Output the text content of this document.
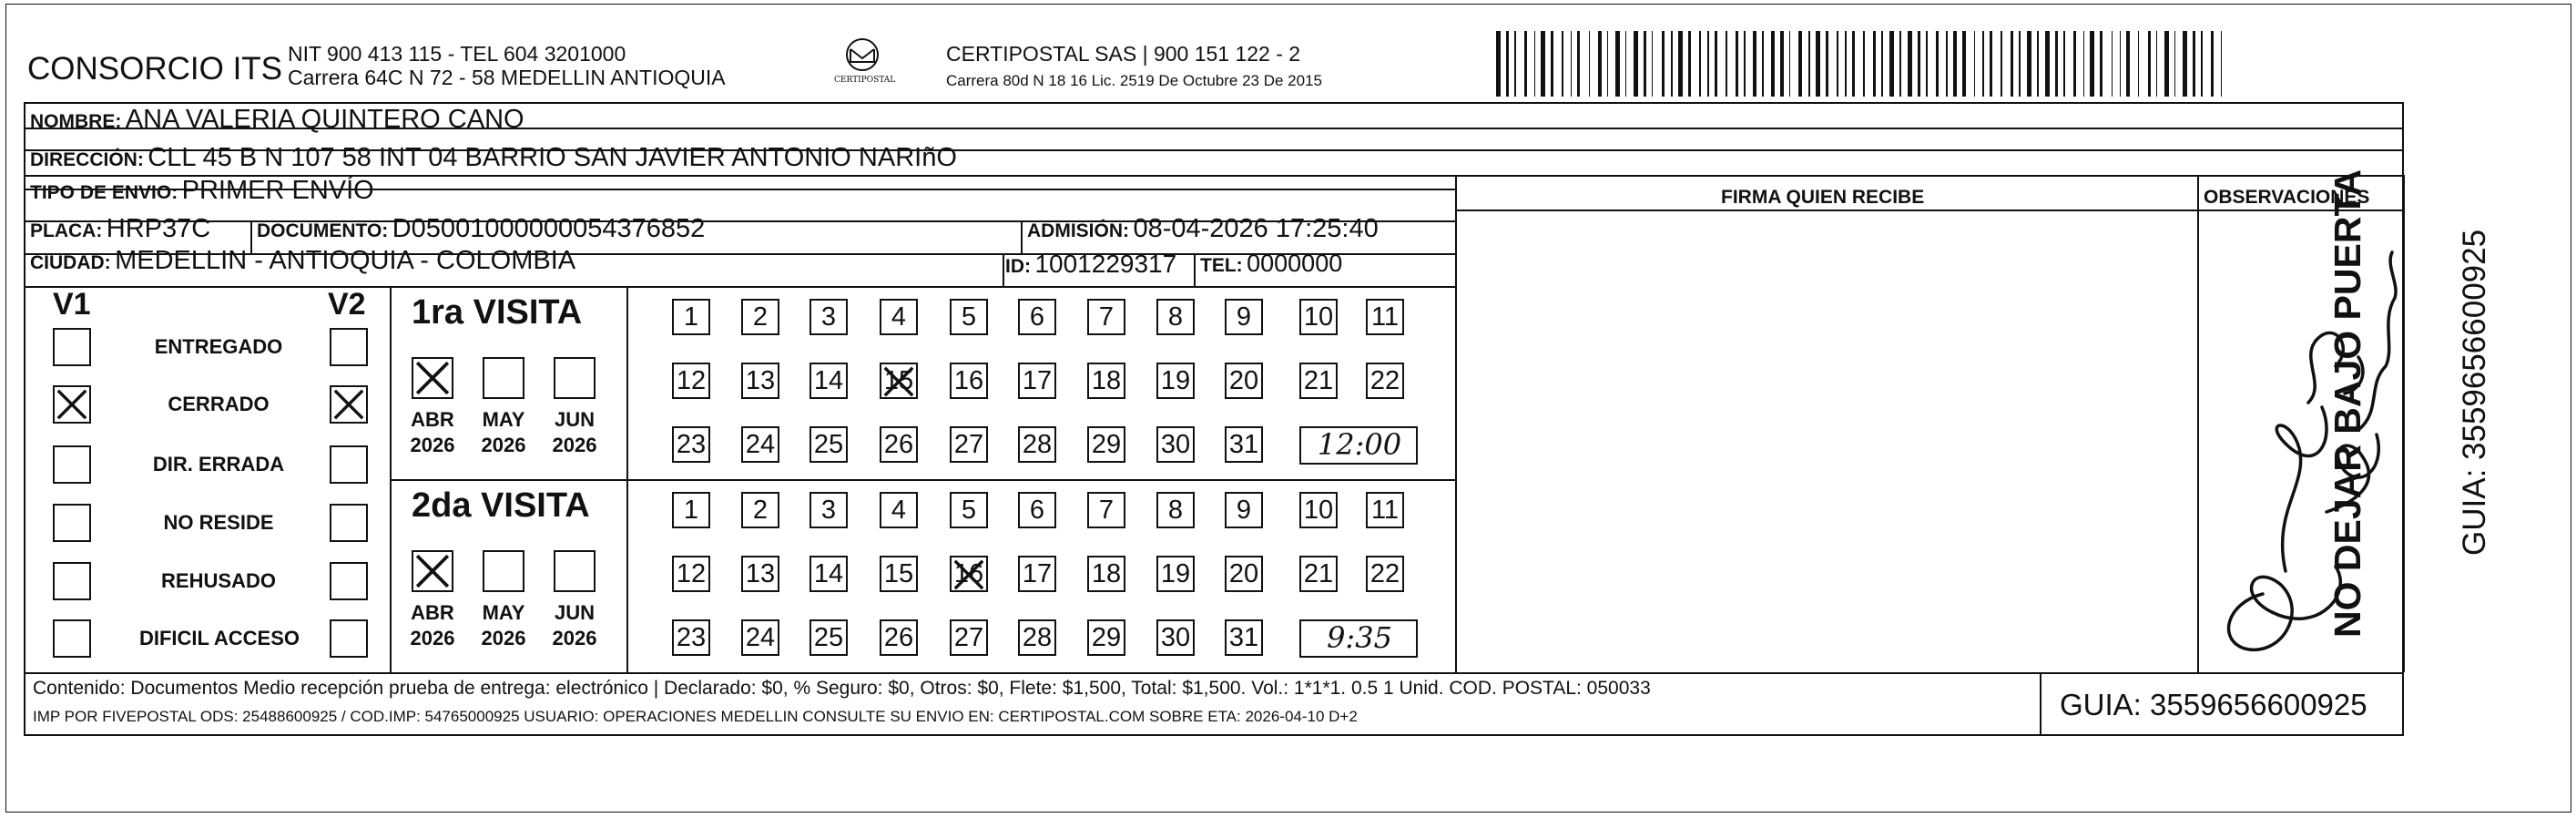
CONSORCIO ITS NIT 900 413 115 - TEL 604 3201000
Carrera 64C N 72 - 58 MEDELLIN ANTIOQUIA	CERTIPOSTAL
CERTIPOSTAL SAS | 900 151 122 - 2
Carrera 80d N 18 16 Lic. 2519 De Octubre 23 De 2015
NOMBRE: ANA VALERIA QUINTERO CANO
DIRECCIÓN: CLL 45 B N 107 58 INT 04 BARRIO SAN JAVIER ANTONIO NARIñO
TIPO DE ENVIO: PRIMER ENVÍO
PLACA: HRP37C DOCUMENTO: D05001000000054376852	ADMISIÓN: 08-04-2026 17:25:40
CIUDAD: MEDELLIN - ANTIOQUIA - COLOMBIA	ID: 1001229317 TEL: 0000000
FIRMA QUIEN RECIBE	OBSERVACIONES
V1	V2
ENTREGADO
CERRADO
DIR. ERRADA
NO RESIDE
REHUSADO
DIFICIL ACCESO
1ra VISITA
ABR
2026
MAY
2026
JUN
2026
1	2	3	4	5	6	7	8	9	10 11
12 13 14 15 16 17 18 19 20 21 22
23 24 25 26 27 28 29 30 31	12:00
2da VISITA
ABR
2026
MAY
2026
JUN
2026
1	2	3	4	5	6	7	8	9	10 11
12 13 14 15 16 17 18 19 20 21 22
23 24 25 26 27 28 29 30 31	9:35
Contenido: Documentos Medio recepción prueba de entrega: electrónico | Declarado: $0, % Seguro: $0, Otros: $0, Flete: $1,500, Total: $1,500. Vol.: 1*1*1. 0.5 1 Unid. COD. POSTAL: 050033
IMP POR FIVEPOSTAL ODS: 25488600925 / COD.IMP: 54765000925 USUARIO: OPERACIONES MEDELLIN CONSULTE SU ENVIO EN: CERTIPOSTAL.COM SOBRE ETA: 2026-04-10 D+2	GUIA: 3559656600925
NO DEJAR BAJO PUERTA	GUIA: 3559656600925
